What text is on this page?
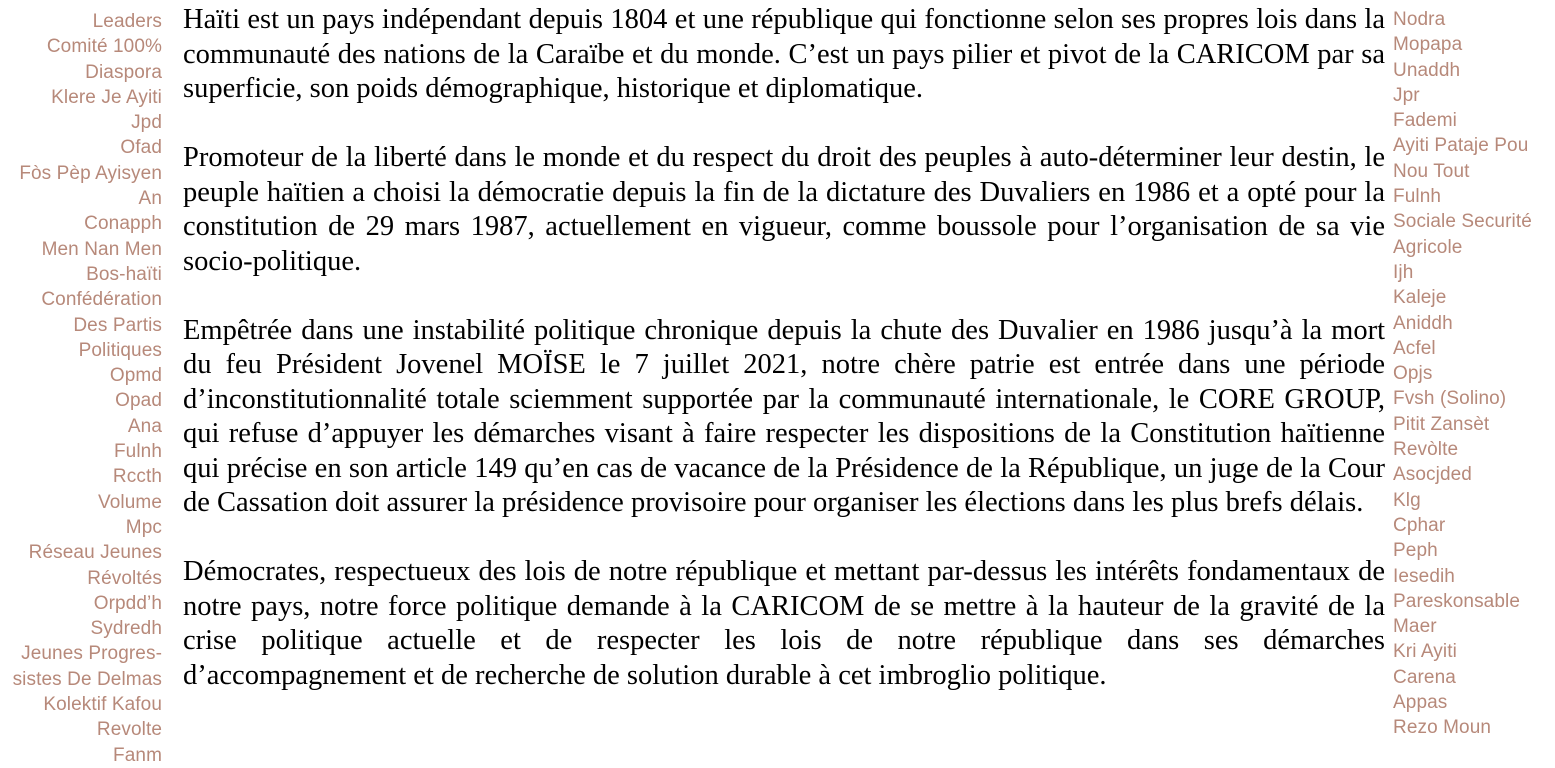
Leaders
Comité 100%
Diaspora
Klere Je Ayiti
Jpd
Ofad
Fòs Pèp Ayisyen
An
Conapph
Men Nan Men
Bos-haïti
Confédération
Des Partis
Politiques
Opmd
Opad
Ana
Fulnh
Rccth
Volume
Mpc
Réseau Jeunes
Révoltés
Orpdd’h
Sydredh
Jeunes Progres-
sistes De Delmas
Kolektif Kafou
Revolte
Fanm

Haïti est un pays indépendant depuis 1804 et une république qui fonctionne selon ses propres lois dans la communauté des nations de la Caraïbe et du monde. C’est un pays pilier et pivot de la CARICOM par sa superficie, son poids démographique, historique et diplomatique.

Promoteur de la liberté dans le monde et du respect du droit des peuples à auto-déterminer leur destin, le peuple haïtien a choisi la démocratie depuis la fin de la dictature des Duvaliers en 1986 et a opté pour la constitution de 29 mars 1987, actuellement en vigueur, comme boussole pour l’organisation de sa vie socio-politique.

Empêtrée dans une instabilité politique chronique depuis la chute des Duvalier en 1986 jusqu’à la mort du feu Président Jovenel MOÏSE le 7 juillet 2021, notre chère patrie est entrée dans une période d’inconstitutionnalité totale sciemment supportée par la communauté internationale, le CORE GROUP, qui refuse d’appuyer les démarches visant à faire respecter les dispositions de la Constitution haïtienne qui précise en son article 149 qu’en cas de vacance de la Présidence de la République, un juge de la Cour de Cassation doit assurer la présidence provisoire pour organiser les élections dans les plus brefs délais.

Démocrates, respectueux des lois de notre république et mettant par-dessus les intérêts fondamentaux de notre pays, notre force politique demande à la CARICOM de se mettre à la hauteur de la gravité de la crise politique actuelle et de respecter les lois de notre république dans ses démarches d’accompagnement et de recherche de solution durable à cet imbroglio politique.

Nodra
Mopapa
Unaddh
Jpr
Fademi
Ayiti Pataje Pou
Nou Tout
Fulnh
Sociale Securité
Agricole
Ijh
Kaleje
Aniddh
Acfel
Opjs
Fvsh (Solino)
Pitit Zansèt
Revòlte
Asocjded
Klg
Cphar
Peph
Iesedih
Pareskonsable
Maer
Kri Ayiti
Carena
Appas
Rezo Moun
